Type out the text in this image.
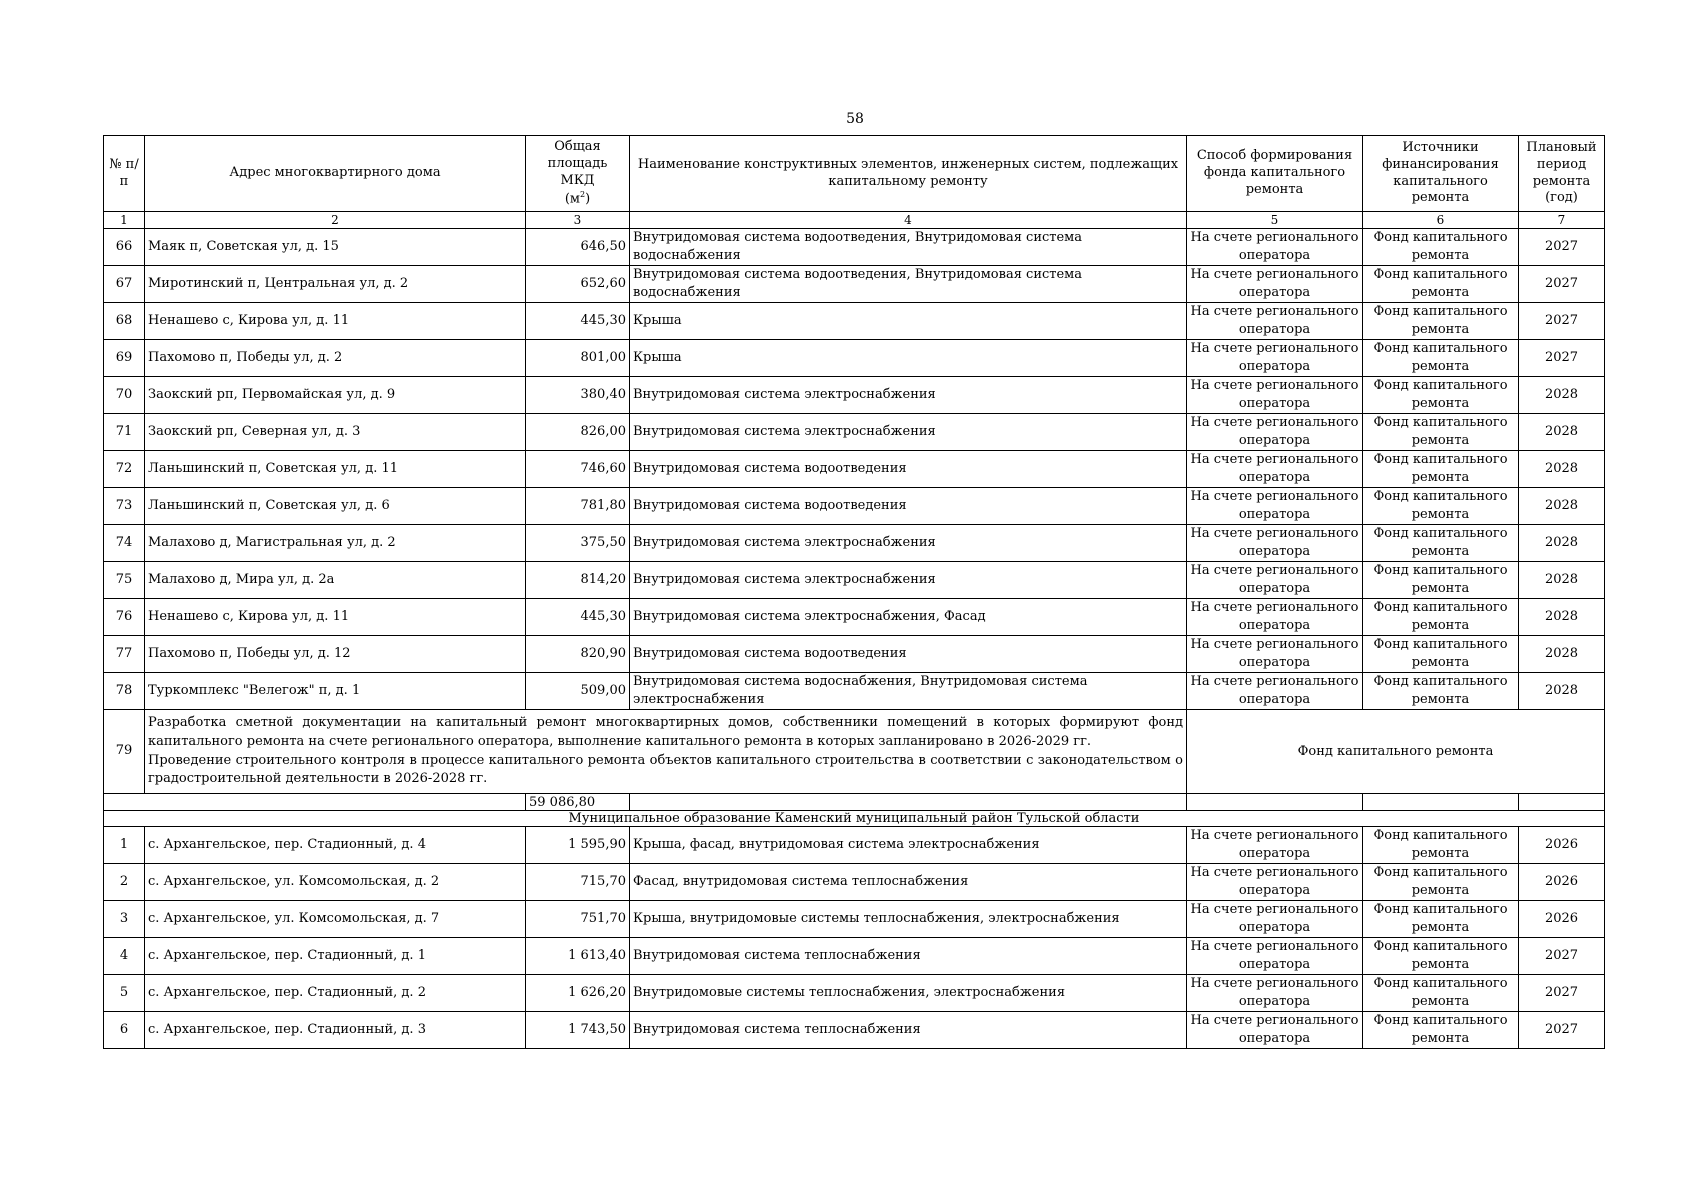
58
№ п/п	Адрес многоквартирного дома	Общая
площадь МКД
$(м^2)$	Наименование конструктивных элементов, инженерных систем, подлежащих капитальному ремонту	Способ формирования фонда капитального ремонта	Источники финансирования капитального ремонта	Плановый период ремонта (год)
1	2	3	4	5	6	7
66	Маяк п, Советская ул, д. 15	646,50	Внутридомовая система водоотведения, Внутридомовая система водоснабжения	На счете регионального оператора	Фонд капитального ремонта	2027
67	Миротинский п, Центральная ул, д. 2	652,60	Внутридомовая система водоотведения, Внутридомовая система водоснабжения	На счете регионального оператора	Фонд капитального ремонта	2027
68	Ненашево с, Кирова ул, д. 11	445,30	Крыша	На счете регионального оператора	Фонд капитального ремонта	2027
69	Пахомово п, Победы ул, д. 2	801,00	Крыша	На счете регионального оператора	Фонд капитального ремонта	2027
70	Заокский рп, Первомайская ул, д. 9	380,40	Внутридомовая система электроснабжения	На счете регионального оператора	Фонд капитального ремонта	2028
71	Заокский рп, Северная ул, д. 3	826,00	Внутридомовая система электроснабжения	На счете регионального оператора	Фонд капитального ремонта	2028
72	Ланьшинский п, Советская ул, д. 11	746,60	Внутридомовая система водоотведения	На счете регионального оператора	Фонд капитального ремонта	2028
73	Ланьшинский п, Советская ул, д. 6	781,80	Внутридомовая система водоотведения	На счете регионального оператора	Фонд капитального ремонта	2028
74	Малахово д, Магистральная ул, д. 2	375,50	Внутридомовая система электроснабжения	На счете регионального оператора	Фонд капитального ремонта	2028
75	Малахово д, Мира ул, д. 2а	814,20	Внутридомовая система электроснабжения	На счете регионального оператора	Фонд капитального ремонта	2028
76	Ненашево с, Кирова ул, д. 11	445,30	Внутридомовая система электроснабжения, Фасад	На счете регионального оператора	Фонд капитального ремонта	2028
77	Пахомово п, Победы ул, д. 12	820,90	Внутридомовая система водоотведения	На счете регионального оператора	Фонд капитального ремонта	2028
78	Туркомплекс "Велегож" п, д. 1	509,00	Внутридомовая система водоснабжения, Внутридомовая система электроснабжения	На счете регионального оператора	Фонд капитального ремонта	2028
79	Разработка сметной документации на капитальный ремонт многоквартирных домов, собственники помещений в которых формируют фонд капитального ремонта на счете регионального оператора, выполнение капитального ремонта в которых запланировано в 2026-2029 гг.
Проведение строительного контроля в процессе капитального ремонта объектов капитального строительства в соответствии с законодательством о градостроительной деятельности в 2026-2028 гг.			Фонд капитального ремонта		
		59 086,80				
Муниципальное образование Каменский муниципальный район Тульской области						
1	с. Архангельское, пер. Стадионный, д. 4	1 595,90	Крыша, фасад, внутридомовая система электроснабжения	На счете регионального оператора	Фонд капитального ремонта	2026
2	с. Архангельское, ул. Комсомольская, д. 2	715,70	Фасад, внутридомовая система теплоснабжения	На счете регионального оператора	Фонд капитального ремонта	2026
3	с. Архангельское, ул. Комсомольская, д. 7	751,70	Крыша, внутридомовые системы теплоснабжения, электроснабжения	На счете регионального оператора	Фонд капитального ремонта	2026
4	с. Архангельское, пер. Стадионный, д. 1	1 613,40	Внутридомовая система теплоснабжения	На счете регионального оператора	Фонд капитального ремонта	2027
5	с. Архангельское, пер. Стадионный, д. 2	1 626,20	Внутридомовые системы теплоснабжения, электроснабжения	На счете регионального оператора	Фонд капитального ремонта	2027
6	с. Архангельское, пер. Стадионный, д. 3	1 743,50	Внутридомовая система теплоснабжения	На счете регионального оператора	Фонд капитального ремонта	2027
